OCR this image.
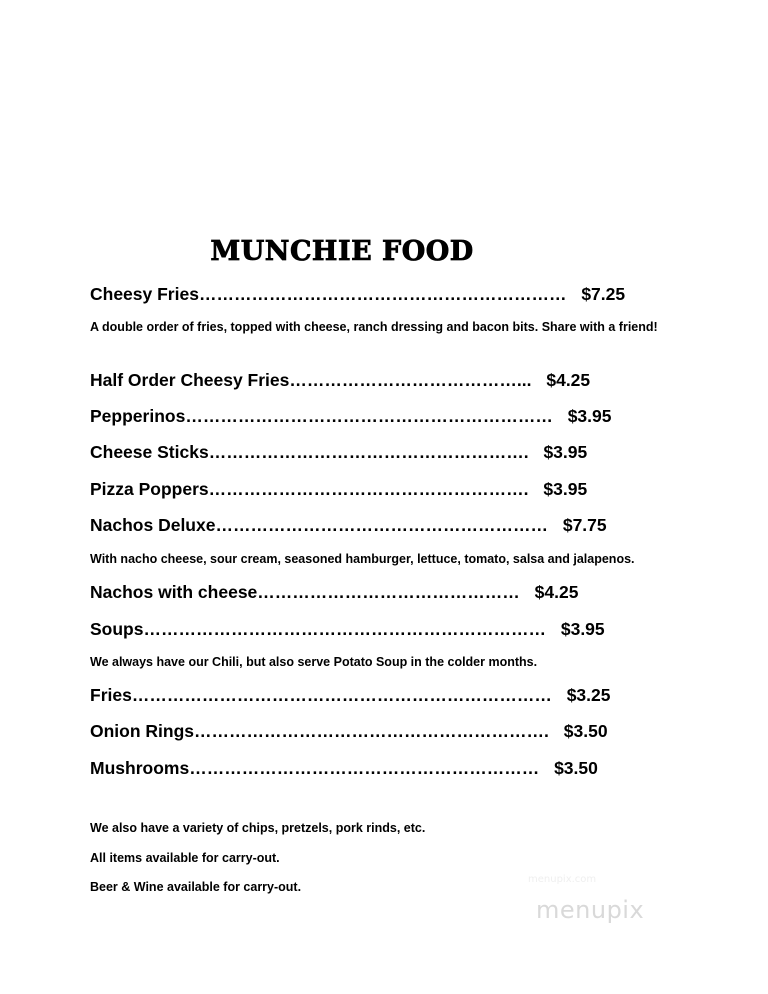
MUNCHIE FOOD
Cheesy Fries……………………………………………………… $7.25
A double order of fries, topped with cheese, ranch dressing and bacon bits. Share with a friend!
Half Order Cheesy Fries…………………………………... $4.25
Pepperinos……………………………………………………… $3.95
Cheese Sticks………………………………………………. $3.95
Pizza Poppers………………………………………………. $3.95
Nachos Deluxe………………………………………………… $7.75
With nacho cheese, sour cream, seasoned hamburger, lettuce, tomato, salsa and jalapenos.
Nachos with cheese……………………………………… $4.25
Soups…………………………………………………………… $3.95
We always have our Chili, but also serve Potato Soup in the colder months.
Fries……………………………………………………………… $3.25
Onion Rings……………………………………………………. $3.50
Mushrooms…………………………………………………… $3.50
We also have a variety of chips, pretzels, pork rinds, etc.
All items available for carry-out.
Beer & Wine available for carry-out.
menupix.com
menupix
